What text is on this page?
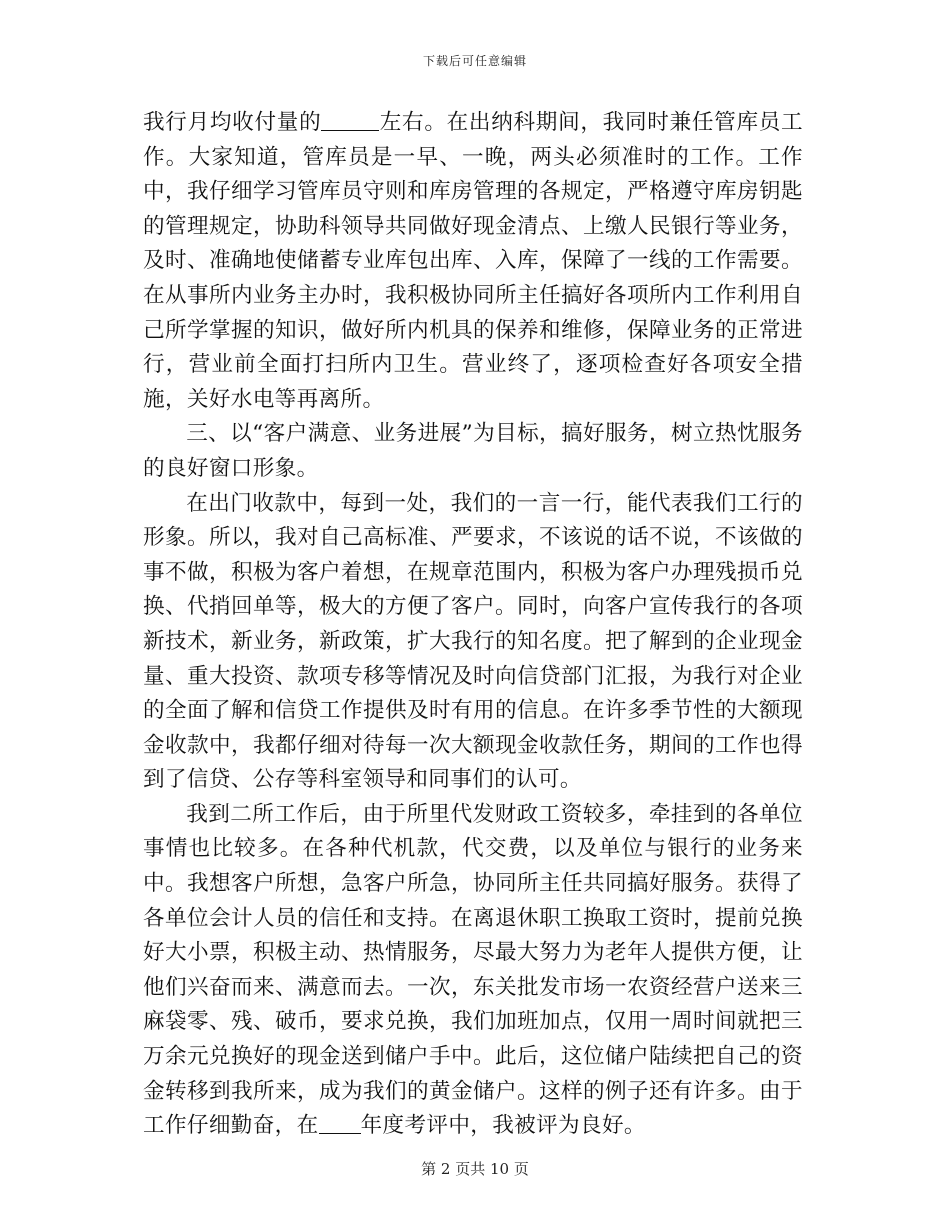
下载后可任意编辑

我行月均收付量的	左右。在出纳科期间，我同时兼任管库员工作。大家知道，管库员是一早、一晚，两头必须准时的工作。工作中，我仔细学习管库员守则和库房管理的各规定，严格遵守库房钥匙的管理规定，协助科领导共同做好现金清点、上缴人民银行等业务，及时、准确地使储蓄专业库包出库、入库，保障了一线的工作需要。在从事所内业务主办时，我积极协同所主任搞好各项所内工作利用自己所学掌握的知识，做好所内机具的保养和维修，保障业务的正常进行，营业前全面打扫所内卫生。营业终了，逐项检查好各项安全措施，关好水电等再离所。

三、以“客户满意、业务进展”为目标，搞好服务，树立热忱服务的良好窗口形象。

在出门收款中，每到一处，我们的一言一行，能代表我们工行的形象。所以，我对自己高标准、严要求，不该说的话不说，不该做的事不做，积极为客户着想，在规章范围内，积极为客户办理残损币兑换、代捎回单等，极大的方便了客户。同时，向客户宣传我行的各项新技术，新业务，新政策，扩大我行的知名度。把了解到的企业现金量、重大投资、款项专移等情况及时向信贷部门汇报，为我行对企业的全面了解和信贷工作提供及时有用的信息。在许多季节性的大额现金收款中，我都仔细对待每一次大额现金收款任务，期间的工作也得到了信贷、公存等科室领导和同事们的认可。

我到二所工作后，由于所里代发财政工资较多，牵挂到的各单位事情也比较多。在各种代机款，代交费，以及单位与银行的业务来中。我想客户所想，急客户所急，协同所主任共同搞好服务。获得了各单位会计人员的信任和支持。在离退休职工换取工资时，提前兑换好大小票，积极主动、热情服务，尽最大努力为老年人提供方便，让他们兴奋而来、满意而去。一次，东关批发市场一农资经营户送来三麻袋零、残、破币，要求兑换，我们加班加点，仅用一周时间就把三万余元兑换好的现金送到储户手中。此后，这位储户陆续把自己的资金转移到我所来，成为我们的黄金储户。这样的例子还有许多。由于工作仔细勤奋，在 年度考评中，我被评为良好。

第 2 页共 10 页
